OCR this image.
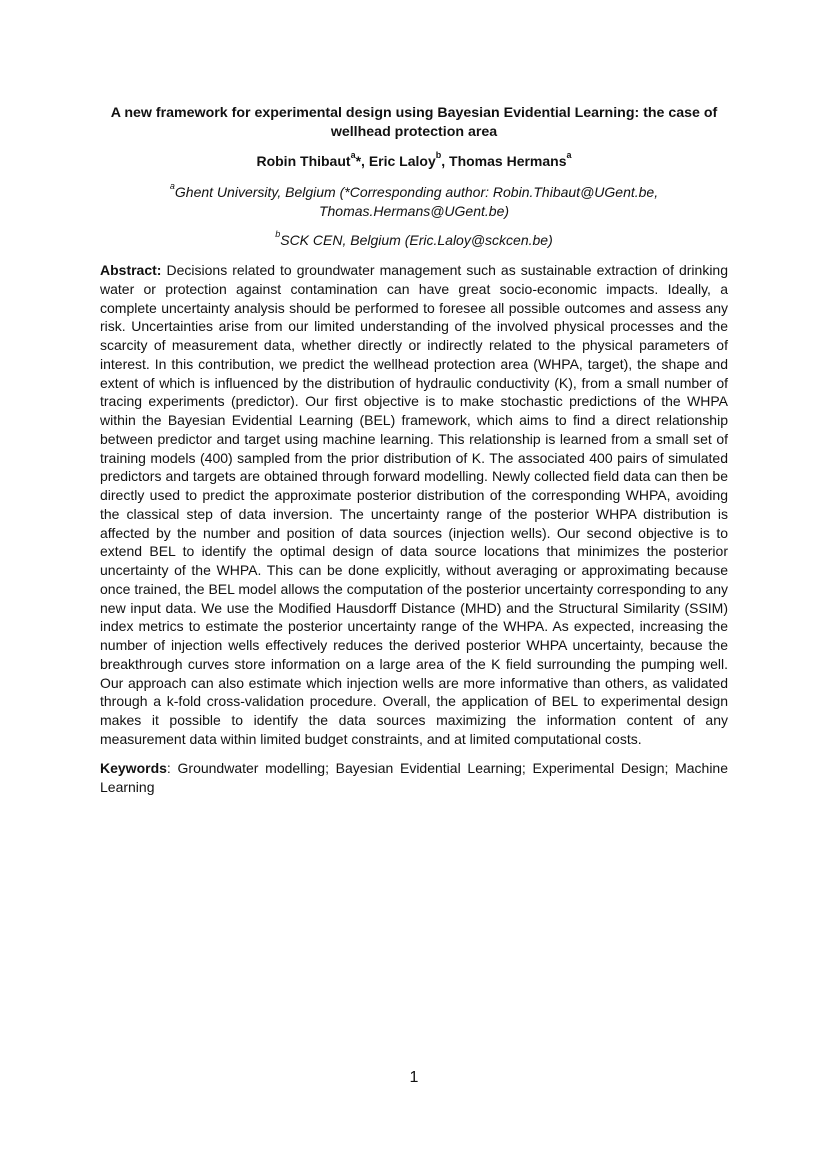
A new framework for experimental design using Bayesian Evidential Learning: the case of wellhead protection area
Robin Thibaut$^a$*, Eric Laloy$^b$, Thomas Hermans$^a$
$^a$Ghent University, Belgium (*Corresponding author: Robin.Thibaut@UGent.be, Thomas.Hermans@UGent.be)
$^b$SCK CEN, Belgium (Eric.Laloy@sckcen.be)
Abstract: Decisions related to groundwater management such as sustainable extraction of drinking water or protection against contamination can have great socio-economic impacts. Ideally, a complete uncertainty analysis should be performed to foresee all possible outcomes and assess any risk. Uncertainties arise from our limited understanding of the involved physical processes and the scarcity of measurement data, whether directly or indirectly related to the physical parameters of interest. In this contribution, we predict the wellhead protection area (WHPA, target), the shape and extent of which is influenced by the distribution of hydraulic conductivity (K), from a small number of tracing experiments (predictor). Our first objective is to make stochastic predictions of the WHPA within the Bayesian Evidential Learning (BEL) framework, which aims to find a direct relationship between predictor and target using machine learning. This relationship is learned from a small set of training models (400) sampled from the prior distribution of K. The associated 400 pairs of simulated predictors and targets are obtained through forward modelling. Newly collected field data can then be directly used to predict the approximate posterior distribution of the corresponding WHPA, avoiding the classical step of data inversion. The uncertainty range of the posterior WHPA distribution is affected by the number and position of data sources (injection wells). Our second objective is to extend BEL to identify the optimal design of data source locations that minimizes the posterior uncertainty of the WHPA. This can be done explicitly, without averaging or approximating because once trained, the BEL model allows the computation of the posterior uncertainty corresponding to any new input data. We use the Modified Hausdorff Distance (MHD) and the Structural Similarity (SSIM) index metrics to estimate the posterior uncertainty range of the WHPA. As expected, increasing the number of injection wells effectively reduces the derived posterior WHPA uncertainty, because the breakthrough curves store information on a large area of the K field surrounding the pumping well. Our approach can also estimate which injection wells are more informative than others, as validated through a k-fold cross-validation procedure. Overall, the application of BEL to experimental design makes it possible to identify the data sources maximizing the information content of any measurement data within limited budget constraints, and at limited computational costs.
Keywords: Groundwater modelling; Bayesian Evidential Learning; Experimental Design; Machine Learning
1
